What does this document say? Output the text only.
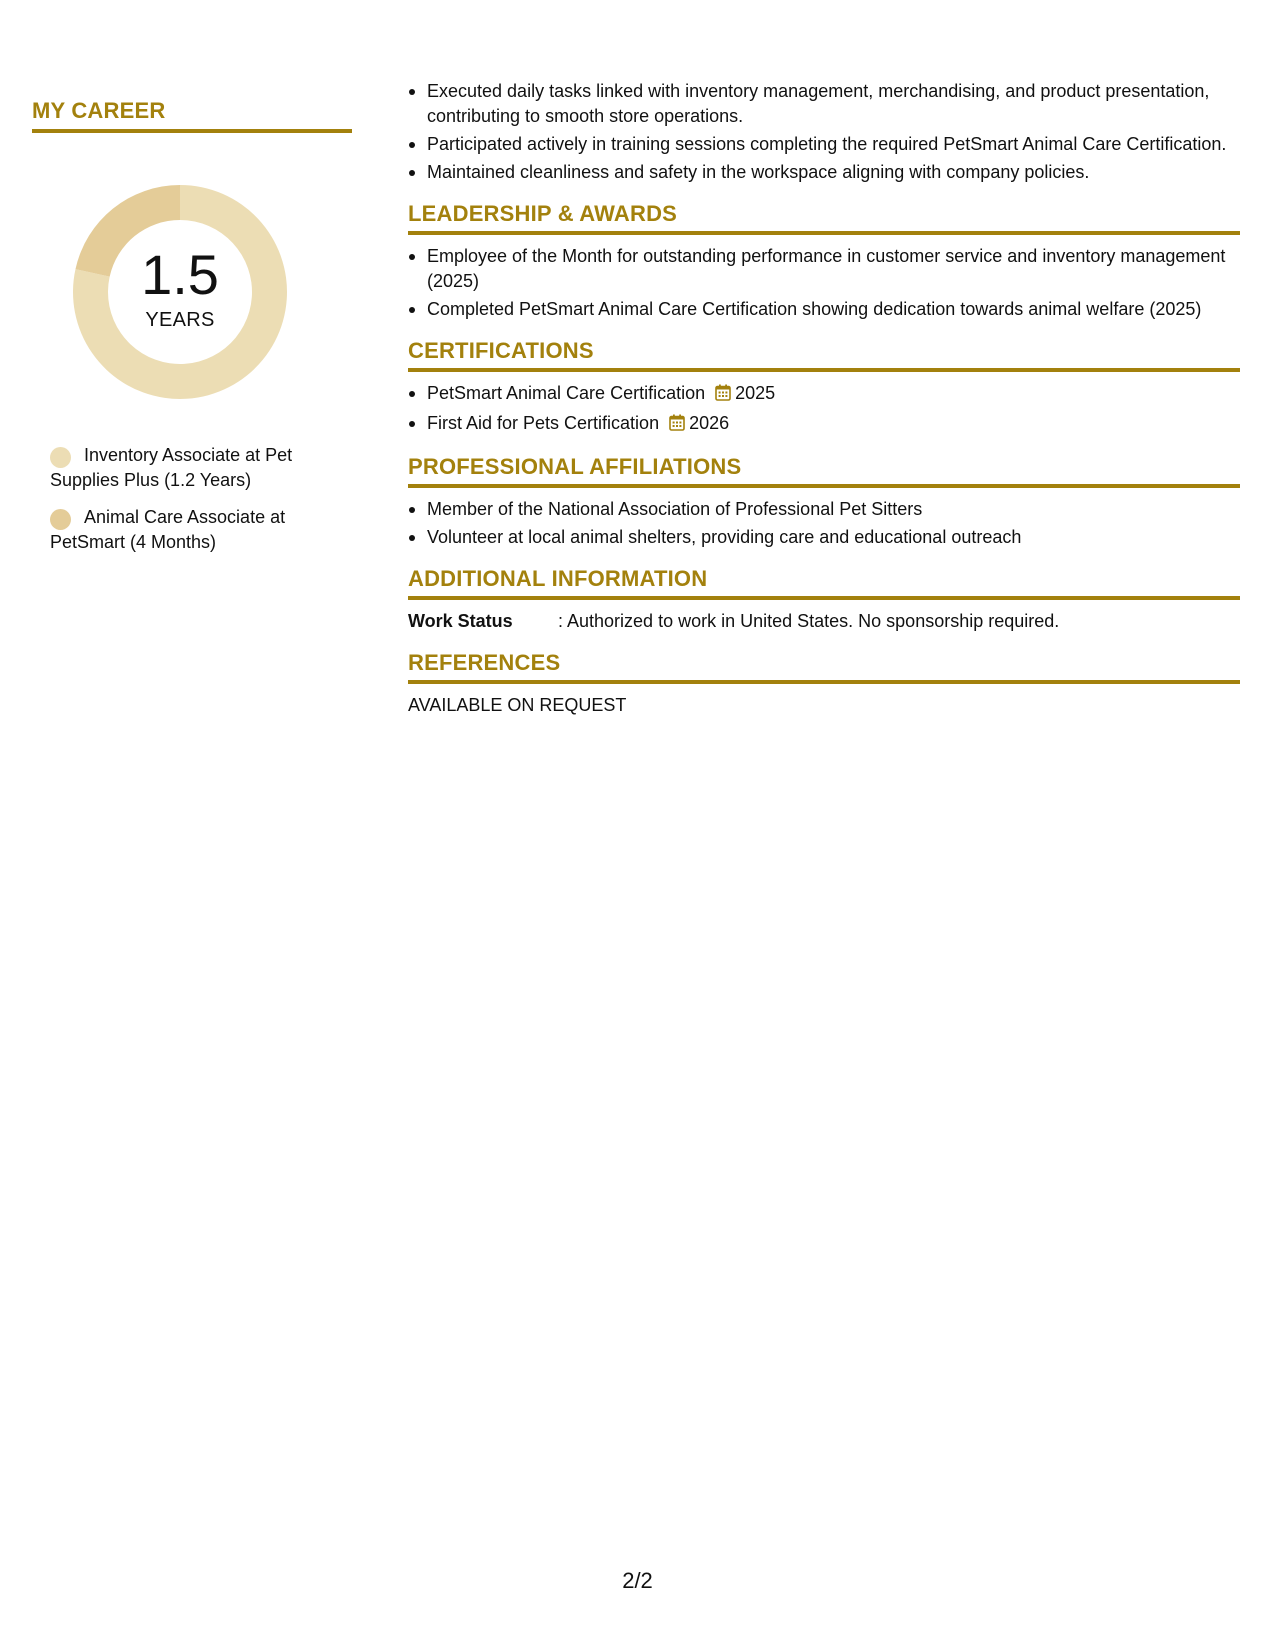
MY CAREER
1.5
YEARS
Inventory Associate at Pet Supplies Plus (1.2 Years)
Animal Care Associate at PetSmart (4 Months)
Executed daily tasks linked with inventory management, merchandising, and product presentation, contributing to smooth store operations.
Participated actively in training sessions completing the required PetSmart Animal Care Certification.
Maintained cleanliness and safety in the workspace aligning with company policies.
LEADERSHIP & AWARDS
Employee of the Month for outstanding performance in customer service and inventory management (2025)
Completed PetSmart Animal Care Certification showing dedication towards animal welfare (2025)
CERTIFICATIONS
PetSmart Animal Care Certification 2025
First Aid for Pets Certification 2026
PROFESSIONAL AFFILIATIONS
Member of the National Association of Professional Pet Sitters
Volunteer at local animal shelters, providing care and educational outreach
ADDITIONAL INFORMATION
Work Status	: Authorized to work in United States. No sponsorship required.
REFERENCES
AVAILABLE ON REQUEST
2/2
